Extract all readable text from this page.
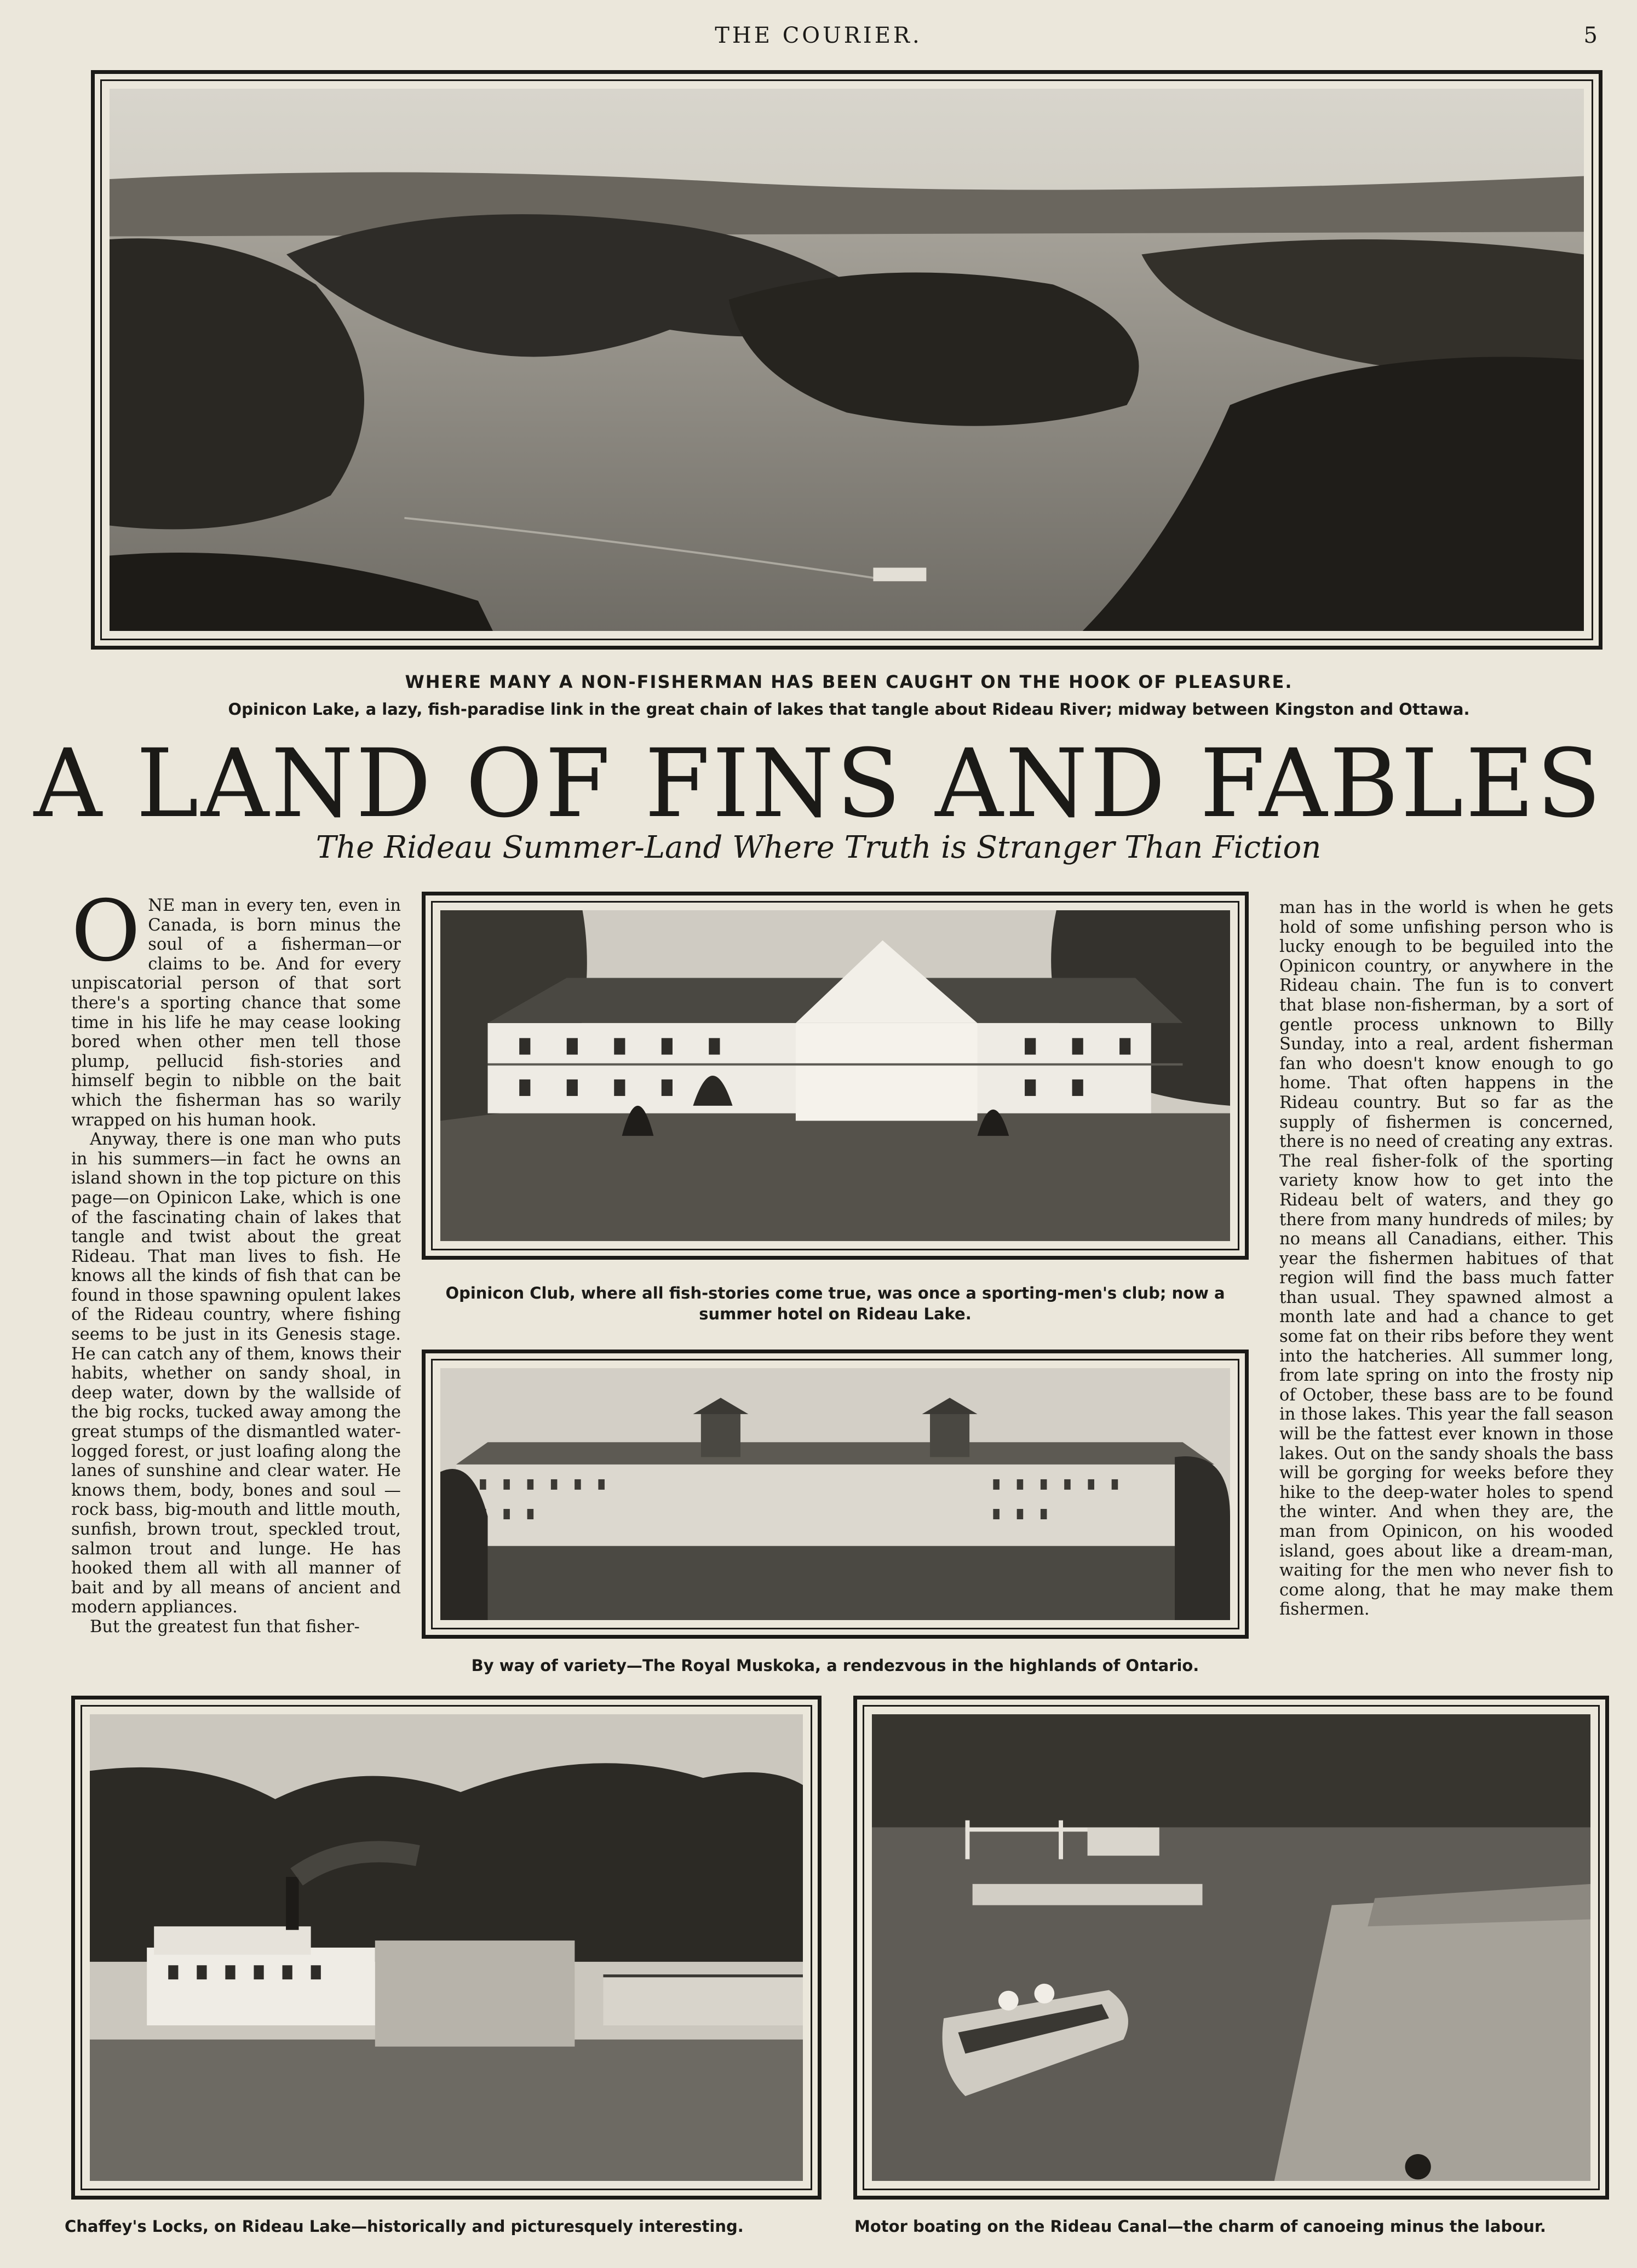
THE COURIER.	5
WHERE MANY A NON-FISHERMAN HAS BEEN CAUGHT ON THE HOOK OF PLEASURE.
Opinicon Lake, a lazy, fish-paradise link in the great chain of lakes that tangle about Rideau River; midway between Kingston and Ottawa.
A LAND OF FINS AND FABLES
The Rideau Summer-Land Where Truth is Stranger Than Fiction

ONE man in every ten, even in Canada, is born minus the soul of a fisherman—or claims to be. And for every unpiscatorial person of that sort there's a sporting chance that some time in his life he may cease looking bored when other men tell those plump, pellucid fish-stories and himself begin to nibble on the bait which the fisherman has so warily wrapped on his human hook.

Anyway, there is one man who puts in his summers—in fact he owns an island shown in the top picture on this page—on Opinicon Lake, which is one of the fascinating chain of lakes that tangle and twist about the great Rideau. That man lives to fish. He knows all the kinds of fish that can be found in those spawning opulent lakes of the Rideau country, where fishing seems to be just in its Genesis stage. He can catch any of them, knows their habits, whether on sandy shoal, in deep water, down by the wallside of the big rocks, tucked away among the great stumps of the dismantled water-logged forest, or just loafing along the lanes of sunshine and clear water. He knows them, body, bones and soul —rock bass, big-mouth and little mouth, sunfish, brown trout, speckled trout, salmon trout and lunge. He has hooked them all with all manner of bait and by all means of ancient and modern appliances.

But the greatest fun that fisher-

Opinicon Club, where all fish-stories come true, was once a sporting-men's club; now a summer hotel on Rideau Lake.
By way of variety—The Royal Muskoka, a rendezvous in the highlands of Ontario.

man has in the world is when he gets hold of some unfishing person who is lucky enough to be beguiled into the Opinicon country, or anywhere in the Rideau chain. The fun is to convert that blase non-fisherman, by a sort of gentle process unknown to Billy Sunday, into a real, ardent fisherman fan who doesn't know enough to go home. That often happens in the Rideau country. But so far as the supply of fishermen is concerned, there is no need of creating any extras. The real fisher-folk of the sporting variety know how to get into the Rideau belt of waters, and they go there from many hundreds of miles; by no means all Canadians, either. This year the fishermen habitues of that region will find the bass much fatter than usual. They spawned almost a month late and had a chance to get some fat on their ribs before they went into the hatcheries. All summer long, from late spring on into the frosty nip of October, these bass are to be found in those lakes. This year the fall season will be the fattest ever known in those lakes. Out on the sandy shoals the bass will be gorging for weeks before they hike to the deep-water holes to spend the winter. And when they are, the man from Opinicon, on his wooded island, goes about like a dream-man, waiting for the men who never fish to come along, that he may make them fishermen.

Chaffey's Locks, on Rideau Lake—historically and picturesquely interesting.	Motor boating on the Rideau Canal—the charm of canoeing minus the labour.
